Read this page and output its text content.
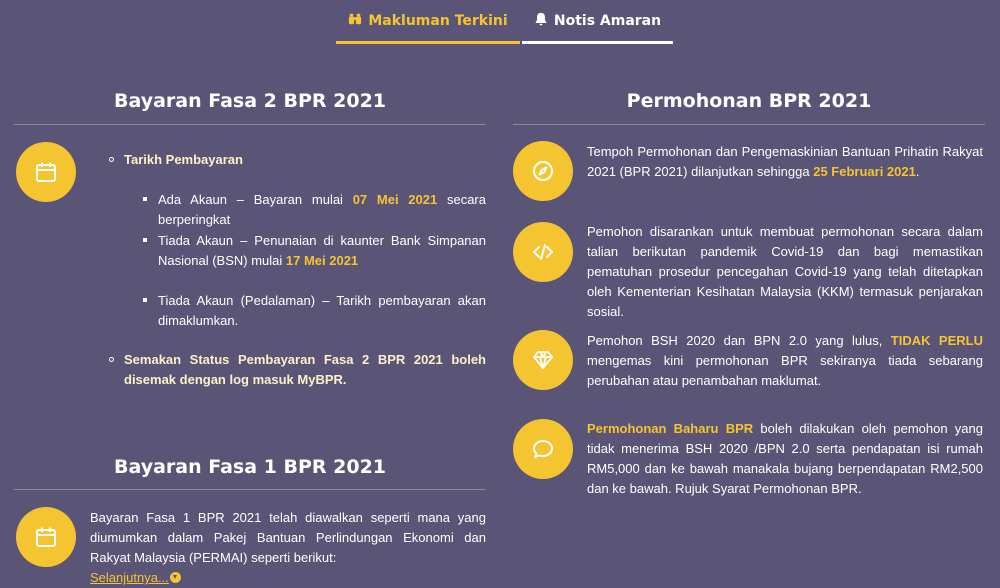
Makluman Terkini	Notis Amaran
Bayaran Fasa 2 BPR 2021
Tarikh Pembayaran
Ada Akaun – Bayaran mulai 07 Mei 2021 secara berperingkat
Tiada Akaun – Penunaian di kaunter Bank Simpanan Nasional (BSN) mulai 17 Mei 2021
Tiada Akaun (Pedalaman) – Tarikh pembayaran akan dimaklumkan.
Semakan Status Pembayaran Fasa 2 BPR 2021 boleh disemak dengan log masuk MyBPR.
Bayaran Fasa 1 BPR 2021
Bayaran Fasa 1 BPR 2021 telah diawalkan seperti mana yang diumumkan dalam Pakej Bantuan Perlindungan Ekonomi dan Rakyat Malaysia (PERMAI) seperti berikut:
Selanjutnya...
Permohonan BPR 2021
Tempoh Permohonan dan Pengemaskinian Bantuan Prihatin Rakyat 2021 (BPR 2021) dilanjutkan sehingga 25 Februari 2021.
Pemohon disarankan untuk membuat permohonan secara dalam talian berikutan pandemik Covid-19 dan bagi memastikan pematuhan prosedur pencegahan Covid-19 yang telah ditetapkan oleh Kementerian Kesihatan Malaysia (KKM) termasuk penjarakan sosial.
Pemohon BSH 2020 dan BPN 2.0 yang lulus, TIDAK PERLU mengemas kini permohonan BPR sekiranya tiada sebarang perubahan atau penambahan maklumat.
Permohonan Baharu BPR boleh dilakukan oleh pemohon yang tidak menerima BSH 2020 /BPN 2.0 serta pendapatan isi rumah RM5,000 dan ke bawah manakala bujang berpendapatan RM2,500 dan ke bawah. Rujuk Syarat Permohonan BPR.
